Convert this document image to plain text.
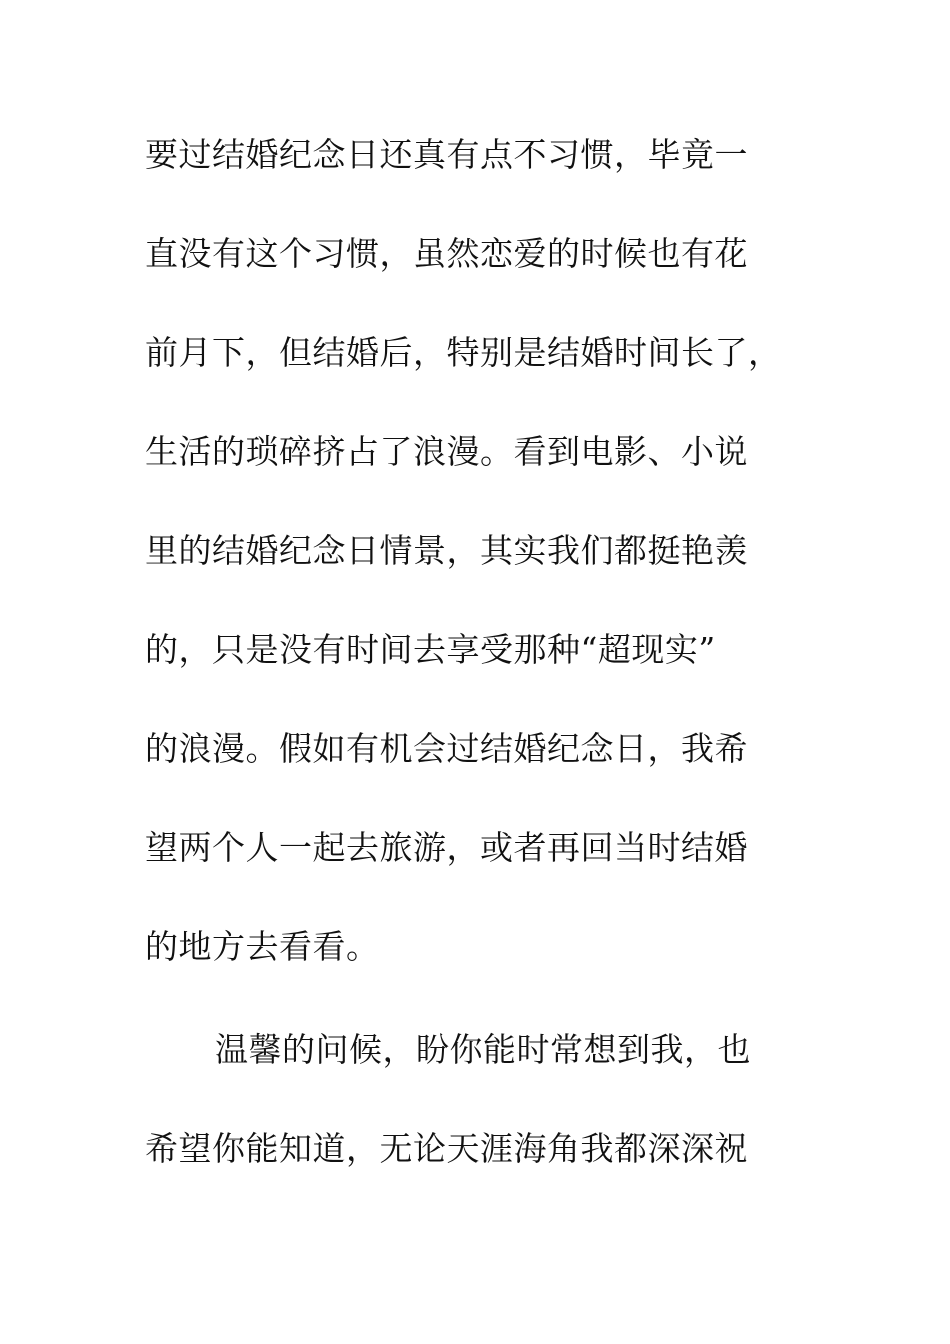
要过结婚纪念日还真有点不习惯，毕竟一
直没有这个习惯，虽然恋爱的时候也有花
前月下，但结婚后，特别是结婚时间长了，
生活的琐碎挤占了浪漫。看到电影、小说
里的结婚纪念日情景，其实我们都挺艳羡
的，只是没有时间去享受那种“超现实”
的浪漫。假如有机会过结婚纪念日，我希
望两个人一起去旅游，或者再回当时结婚
的地方去看看。
温馨的问候，盼你能时常想到我，也
希望你能知道，无论天涯海角我都深深祝
